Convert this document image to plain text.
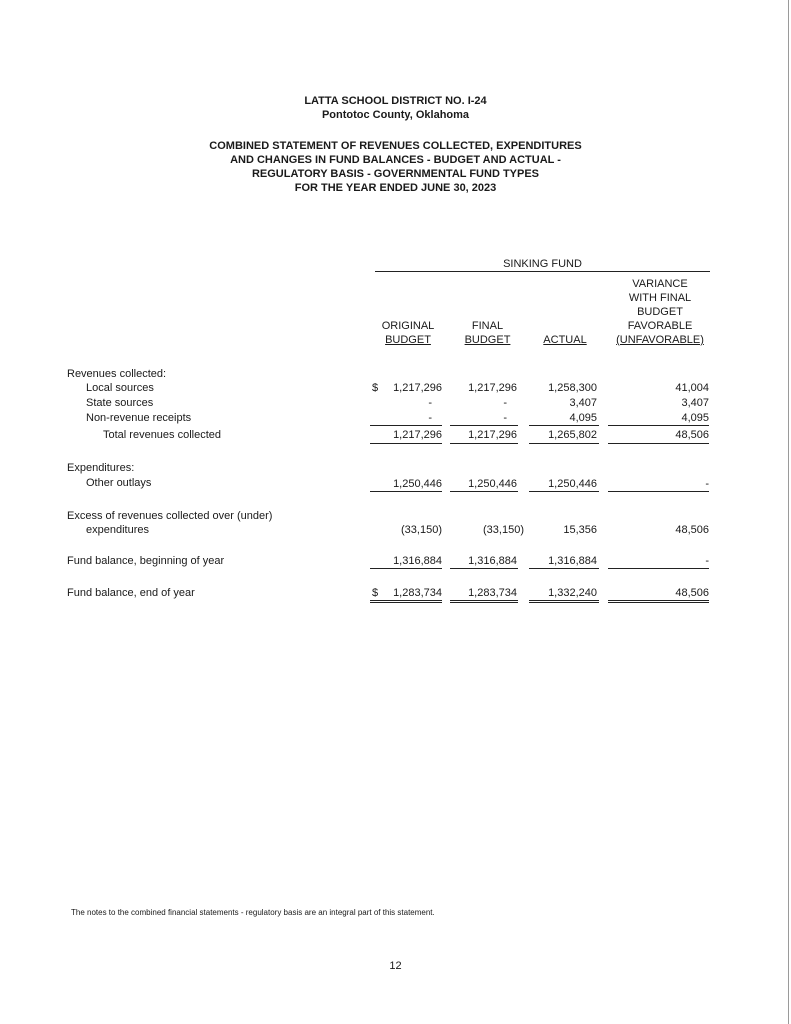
LATTA SCHOOL DISTRICT NO. I-24
Pontotoc County, Oklahoma
COMBINED STATEMENT OF REVENUES COLLECTED, EXPENDITURES
AND CHANGES IN FUND BALANCES - BUDGET AND ACTUAL -
REGULATORY BASIS - GOVERNMENTAL FUND TYPES
FOR THE YEAR ENDED JUNE 30, 2023
SINKING FUND
ORIGINAL
BUDGET
FINAL
BUDGET	ACTUAL
VARIANCE
WITH FINAL
BUDGET
FAVORABLE
(UNFAVORABLE)
Revenues collected:
Local sources	$	1,217,296	1,217,296	1,258,300	41,004
State sources	-	-	3,407	3,407
Non-revenue receipts	-	-	4,095	4,095
Total revenues collected	1,217,296	1,217,296	1,265,802	48,506
Expenditures:
Other outlays	1,250,446	1,250,446	1,250,446	-
Excess of revenues collected over (under)
expenditures	(33,150)	(33,150)	15,356	48,506
Fund balance, beginning of year	1,316,884	1,316,884	1,316,884	-
Fund balance, end of year	$	1,283,734	1,283,734	1,332,240	48,506
The notes to the combined financial statements - regulatory basis are an integral part of this statement.
12
